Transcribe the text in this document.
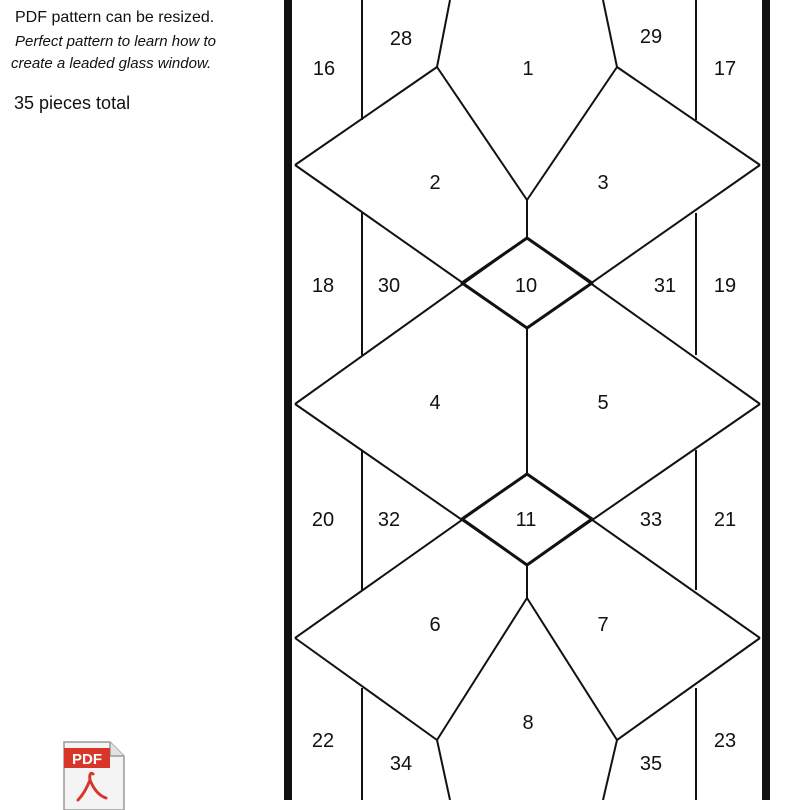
PDF pattern can be resized.
Perfect pattern to learn how to
create a leaded glass window.
35 pieces total
16
28
1
29
17
2	3
18 30	10	31 19
4	5
20 32	11	33	21
6	7
22
8
23
34	35
PDF
